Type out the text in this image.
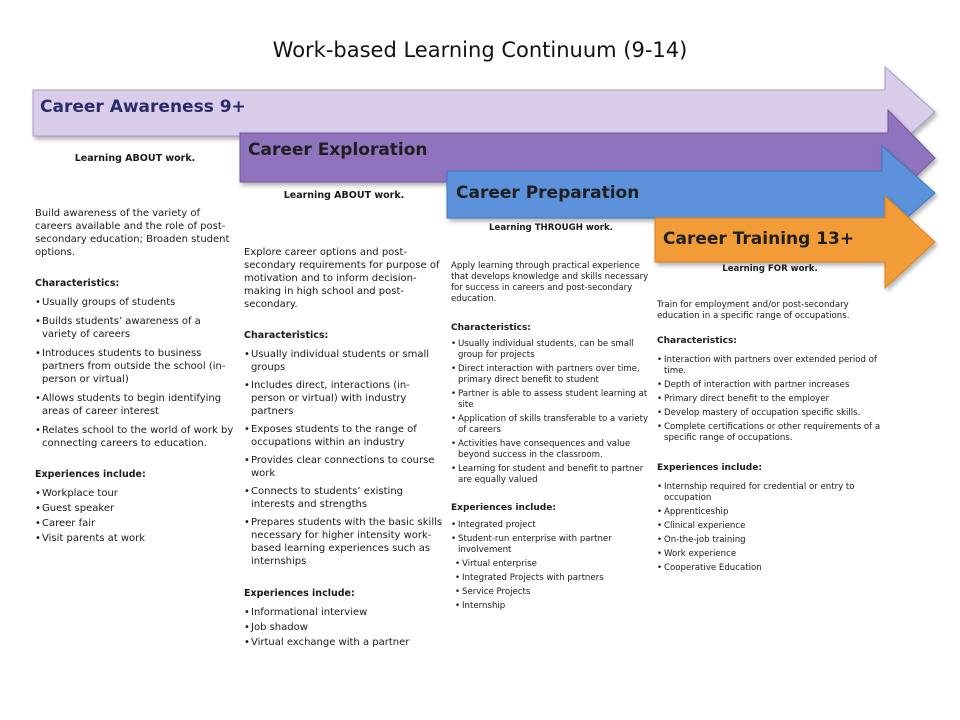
Work-based Learning Continuum (9-14)
Career Awareness 9+
Career Exploration
Career Preparation
Career Training 13+
Learning ABOUT work.
Build awareness of the variety of careers available and the role of post-secondary education; Broaden student options.
Characteristics:
• Usually groups of students
• Builds students’ awareness of a variety of careers
• Introduces students to business partners from outside the school (in-person or virtual)
• Allows students to begin identifying areas of career interest
• Relates school to the world of work by connecting careers to education.
Experiences include:
• Workplace tour
• Guest speaker
• Career fair
• Visit parents at work
Learning ABOUT work.
Explore career options and post-secondary requirements for purpose of motivation and to inform decision-making in high school and post-secondary.
Characteristics:
• Usually individual students or small groups
• Includes direct, interactions (in-person or virtual) with industry partners
• Exposes students to the range of occupations within an industry
• Provides clear connections to course work
• Connects to students’ existing interests and strengths
• Prepares students with the basic skills necessary for higher intensity work-based learning experiences such as internships
Experiences include:
• Informational interview
• Job shadow
• Virtual exchange with a partner
Learning THROUGH work.
Apply learning through practical experience that develops knowledge and skills necessary for success in careers and post-secondary education.
Characteristics:
• Usually individual students, can be small group for projects
• Direct interaction with partners over time, primary direct benefit to student
• Partner is able to assess student learning at site
• Application of skills transferable to a variety of careers
• Activities have consequences and value beyond success in the classroom.
• Learning for student and benefit to partner are equally valued
Experiences include:
• Integrated project
• Student-run enterprise with partner involvement
• Virtual enterprise
• Integrated Projects with partners
• Service Projects
• Internship
Learning FOR work.
Train for employment and/or post-secondary education in a specific range of occupations.
Characteristics:
• Interaction with partners over extended period of time.
• Depth of interaction with partner increases
• Primary direct benefit to the employer
• Develop mastery of occupation specific skills.
• Complete certifications or other requirements of a specific range of occupations.
Experiences include:
• Internship required for credential or entry to occupation
• Apprenticeship
• Clinical experience
• On-the-job training
• Work experience
• Cooperative Education
